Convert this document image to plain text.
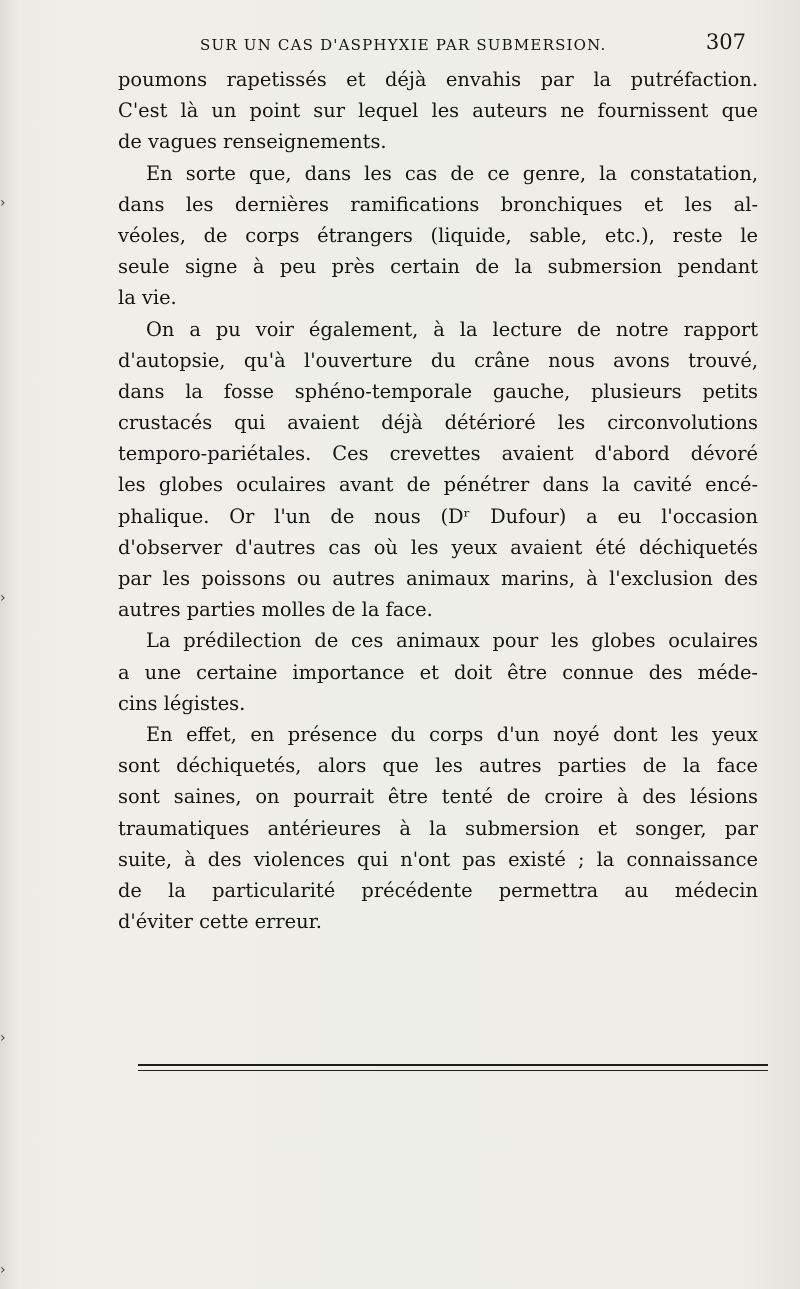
SUR UN CAS D'ASPHYXIE PAR SUBMERSION.	307
poumons rapetissés et déjà envahis par la putréfaction.
C'est là un point sur lequel les auteurs ne fournissent que
de vagues renseignements.
En sorte que, dans les cas de ce genre, la constatation,
dans les dernières ramifications bronchiques et les al-
véoles, de corps étrangers (liquide, sable, etc.), reste le
seule signe à peu près certain de la submersion pendant
la vie.
On a pu voir également, à la lecture de notre rapport
d'autopsie, qu'à l'ouverture du crâne nous avons trouvé,
dans la fosse sphéno-temporale gauche, plusieurs petits
crustacés qui avaient déjà détérioré les circonvolutions
temporo-pariétales. Ces crevettes avaient d'abord dévoré
les globes oculaires avant de pénétrer dans la cavité encé-
phalique. Or l'un de nous (Dʳ Dufour) a eu l'occasion
d'observer d'autres cas où les yeux avaient été déchiquetés
par les poissons ou autres animaux marins, à l'exclusion des
autres parties molles de la face.
La prédilection de ces animaux pour les globes oculaires
a une certaine importance et doit être connue des méde-
cins légistes.
En effet, en présence du corps d'un noyé dont les yeux
sont déchiquetés, alors que les autres parties de la face
sont saines, on pourrait être tenté de croire à des lésions
traumatiques antérieures à la submersion et songer, par
suite, à des violences qui n'ont pas existé ; la connaissance
de la particularité précédente permettra au médecin
d'éviter cette erreur.
›
›
›
›
